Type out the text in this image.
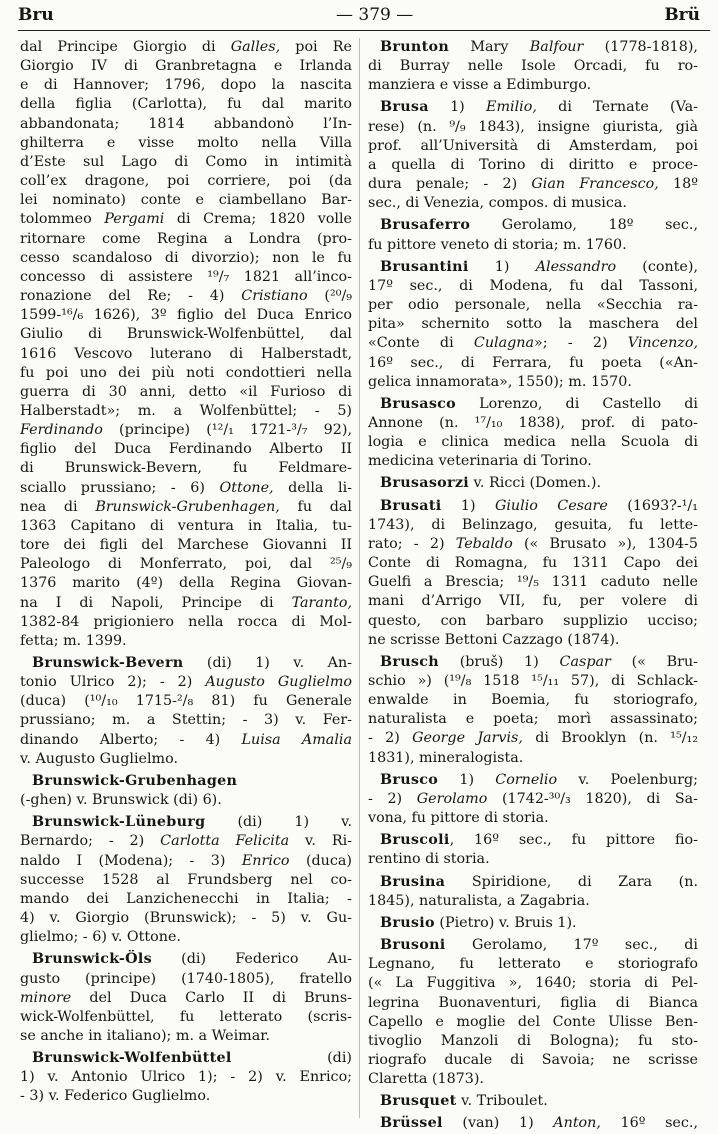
Bru	— 379 —	Brü
dal Principe Giorgio di Galles, poi Re
Giorgio IV di Granbretagna e Irlanda
e di Hannover; 1796, dopo la nascita
della figlia (Carlotta), fu dal marito
abbandonata; 1814 abbandonò l’In-
ghilterra e visse molto nella Villa
d’Este sul Lago di Como in intimità
coll’ex dragone, poi corriere, poi (da
lei nominato) conte e ciambellano Bar-
tolommeo Pergami di Crema; 1820 volle
ritornare come Regina a Londra (pro-
cesso scandaloso di divorzio); non le fu
concesso di assistere ¹⁹/₇ 1821 all’inco-
ronazione del Re; - 4) Cristiano (²⁰/₉
1599-¹⁶/₆ 1626), 3º figlio del Duca Enrico
Giulio di Brunswick-Wolfenbüttel, dal
1616 Vescovo luterano di Halberstadt,
fu poi uno dei più noti condottieri nella
guerra di 30 anni, detto «il Furioso di
Halberstadt»; m. a Wolfenbüttel; - 5)
Ferdinando (principe) (¹²/₁ 1721-³/₇ 92),
figlio del Duca Ferdinando Alberto II
di Brunswick-Bevern, fu Feldmare-
sciallo prussiano; - 6) Ottone, della li-
nea di Brunswick-Grubenhagen, fu dal
1363 Capitano di ventura in Italia, tu-
tore dei figli del Marchese Giovanni II
Paleologo di Monferrato, poi, dal ²⁵/₉
1376 marito (4º) della Regina Giovan-
na I di Napoli, Principe di Taranto,
1382-84 prigioniero nella rocca di Mol-
fetta; m. 1399.
Brunswick-Bevern (di) 1) v. An-
tonio Ulrico 2); - 2) Augusto Guglielmo
(duca) (¹⁰/₁₀ 1715-²/₈ 81) fu Generale
prussiano; m. a Stettin; - 3) v. Fer-
dinando Alberto; - 4) Luisa Amalia
v. Augusto Guglielmo.
Brunswick-Grubenhagen
(-ghen) v. Brunswick (di) 6).
Brunswick-Lüneburg (di) 1) v.
Bernardo; - 2) Carlotta Felicita v. Ri-
naldo I (Modena); - 3) Enrico (duca)
successe 1528 al Frundsberg nel co-
mando dei Lanzichenecchi in Italia; -
4) v. Giorgio (Brunswick); - 5) v. Gu-
glielmo; - 6) v. Ottone.
Brunswick-Öls (di) Federico Au-
gusto (principe) (1740-1805), fratello
minore del Duca Carlo II di Bruns-
wick-Wolfenbüttel, fu letterato (scris-
se anche in italiano); m. a Weimar.
Brunswick-Wolfenbüttel (di)
1) v. Antonio Ulrico 1); - 2) v. Enrico;
- 3) v. Federico Guglielmo.
Brunton Mary Balfour (1778-1818),
di Burray nelle Isole Orcadi, fu ro-
manziera e visse a Edimburgo.
Brusa 1) Emilio, di Ternate (Va-
rese) (n. ⁹/₉ 1843), insigne giurista, già
prof. all’Università di Amsterdam, poi
a quella di Torino di diritto e proce-
dura penale; - 2) Gian Francesco, 18º
sec., di Venezia, compos. di musica.
Brusaferro Gerolamo, 18º sec.,
fu pittore veneto di storia; m. 1760.
Brusantini 1) Alessandro (conte),
17º sec., di Modena, fu dal Tassoni,
per odio personale, nella «Secchia ra-
pita» schernito sotto la maschera del
«Conte di Culagna»; - 2) Vincenzo,
16º sec., di Ferrara, fu poeta («An-
gelica innamorata», 1550); m. 1570.
Brusasco Lorenzo, di Castello di
Annone (n. ¹⁷/₁₀ 1838), prof. di pato-
logia e clinica medica nella Scuola di
medicina veterinaria di Torino.
Brusasorzi v. Ricci (Domen.).
Brusati 1) Giulio Cesare (1693?-¹/₁
1743), di Belinzago, gesuita, fu lette-
rato; - 2) Tebaldo (« Brusato »), 1304-5
Conte di Romagna, fu 1311 Capo dei
Guelfi a Brescia; ¹⁹/₅ 1311 caduto nelle
mani d’Arrigo VII, fu, per volere di
questo, con barbaro supplizio ucciso;
ne scrisse Bettoni Cazzago (1874).
Brusch (bruš) 1) Caspar (« Bru-
schio ») (¹⁹/₈ 1518 ¹⁵/₁₁ 57), di Schlack-
enwalde in Boemia, fu storiografo,
naturalista e poeta; morì assassinato;
- 2) George Jarvis, di Brooklyn (n. ¹⁵/₁₂
1831), mineralogista.
Brusco 1) Cornelio v. Poelenburg;
- 2) Gerolamo (1742-³⁰/₃ 1820), di Sa-
vona, fu pittore di storia.
Bruscoli, 16º sec., fu pittore fio-
rentino di storia.
Brusina Spiridione, di Zara (n.
1845), naturalista, a Zagabria.
Brusio (Pietro) v. Bruis 1).
Brusoni Gerolamo, 17º sec., di
Legnano, fu letterato e storiografo
(« La Fuggitiva », 1640; storia di Pel-
legrina Buonaventuri, figlia di Bianca
Capello e moglie del Conte Ulisse Ben-
tivoglio Manzoli di Bologna); fu sto-
riografo ducale di Savoia; ne scrisse
Claretta (1873).
Brusquet v. Triboulet.
Brüssel (van) 1) Anton, 16º sec.,
